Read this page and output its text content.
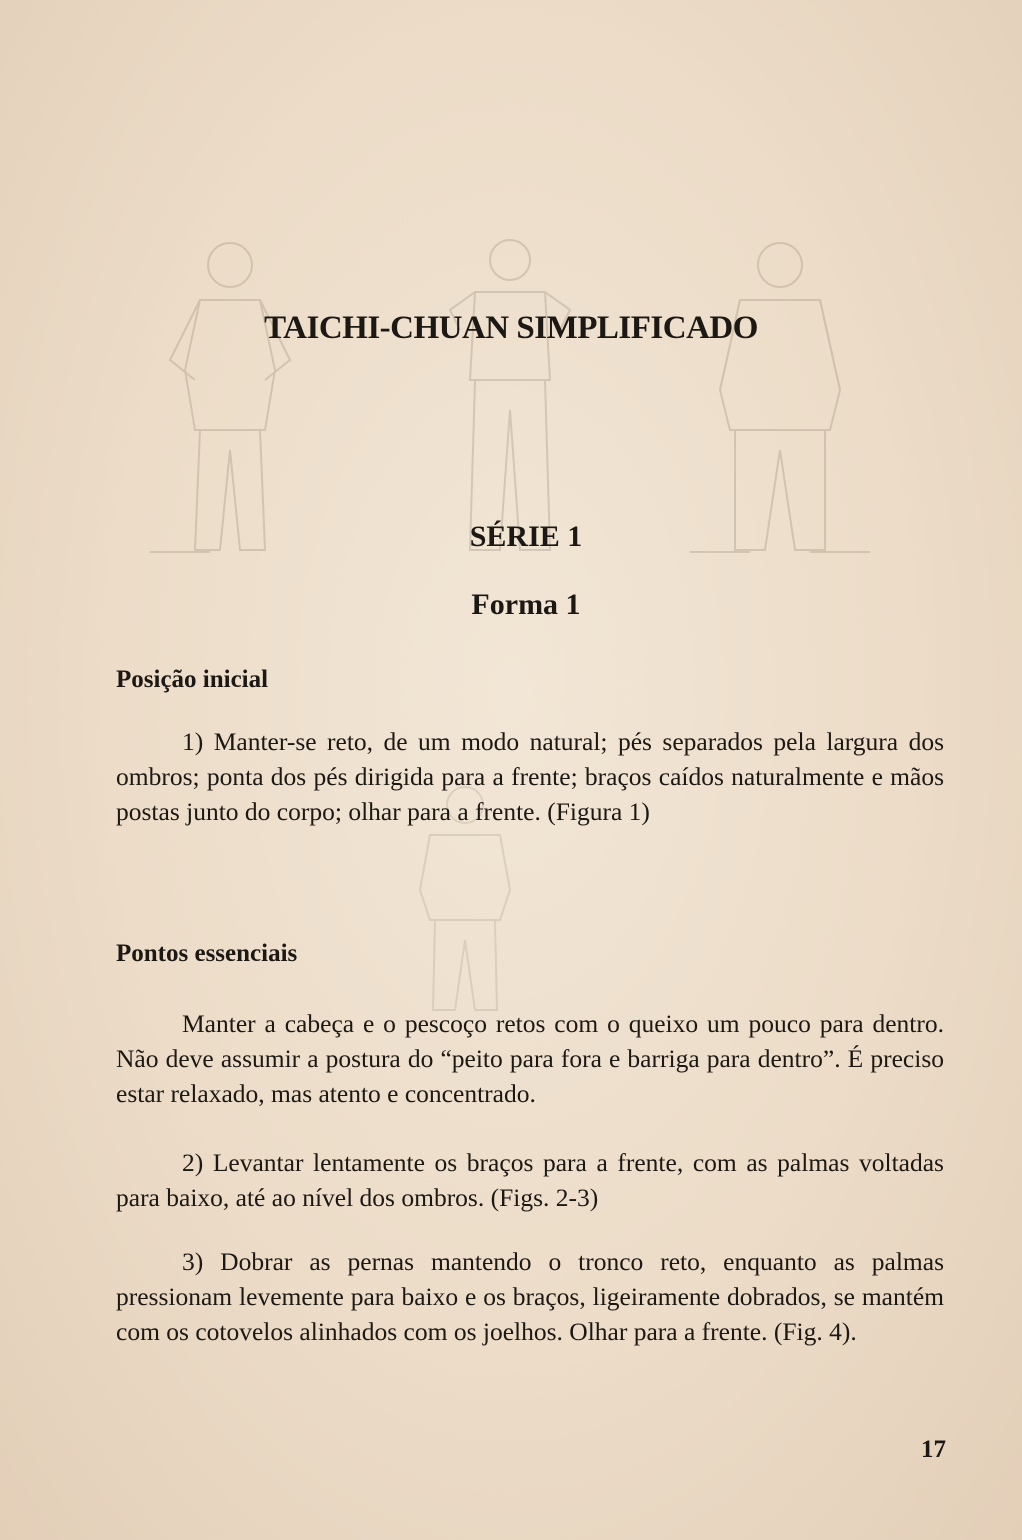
TAICHI-CHUAN SIMPLIFICADO
SÉRIE 1
Forma 1
Posição inicial

1) Manter-se reto, de um modo natural; pés separados pela largura dos ombros; ponta dos pés dirigida para a frente; braços caídos naturalmente e mãos postas junto do corpo; olhar para a frente. (Figura 1)

Pontos essenciais

Manter a cabeça e o pescoço retos com o queixo um pouco para dentro. Não deve assumir a postura do “peito para fora e barriga para dentro”. É preciso estar relaxado, mas atento e concentrado.

2) Levantar lentamente os braços para a frente, com as palmas voltadas para baixo, até ao nível dos ombros. (Figs. 2-3)

3) Dobrar as pernas mantendo o tronco reto, enquanto as palmas pressionam levemente para baixo e os braços, ligeiramente dobrados, se mantém com os cotovelos alinhados com os joelhos. Olhar para a frente. (Fig. 4).

17
